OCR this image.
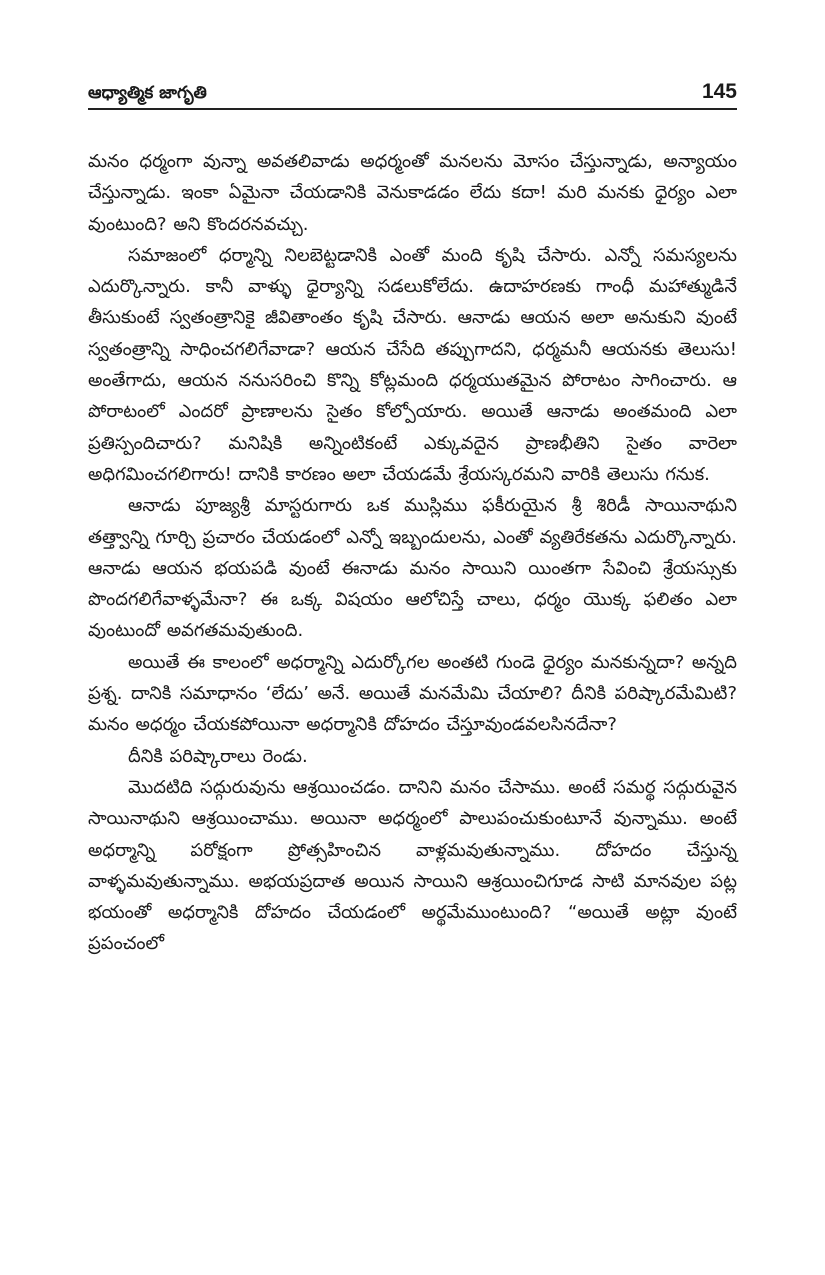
ఆధ్యాత్మిక జాగృతి	145

మనం ధర్మంగా వున్నా అవతలివాడు అధర్మంతో మనలను మోసం చేస్తున్నాడు, అన్యాయం చేస్తున్నాడు. ఇంకా ఏమైనా చేయడానికి వెనుకాడడం లేదు కదా! మరి మనకు ధైర్యం ఎలా వుంటుంది? అని కొందరనవచ్చు.

సమాజంలో ధర్మాన్ని నిలబెట్టడానికి ఎంతో మంది కృషి చేసారు. ఎన్నో సమస్యలను ఎదుర్కొన్నారు. కానీ వాళ్ళు ధైర్యాన్ని సడలుకోలేదు. ఉదాహరణకు గాంధీ మహాత్ముడినే తీసుకుంటే స్వతంత్రానికై జీవితాంతం కృషి చేసారు. ఆనాడు ఆయన అలా అనుకుని వుంటే స్వతంత్రాన్ని సాధించగలిగేవాడా? ఆయన చేసేది తప్పుగాదని, ధర్మమనీ ఆయనకు తెలుసు! అంతేగాదు, ఆయన ననుసరించి కొన్ని కోట్లమంది ధర్మయుతమైన పోరాటం సాగించారు. ఆ పోరాటంలో ఎందరో ప్రాణాలను సైతం కోల్పోయారు. అయితే ఆనాడు అంతమంది ఎలా ప్రతిస్పందిచారు? మనిషికి అన్నింటికంటే ఎక్కువదైన ప్రాణభీతిని సైతం వారెలా అధిగమించగలిగారు! దానికి కారణం అలా చేయడమే శ్రేయస్కరమని వారికి తెలుసు గనుక.

ఆనాడు పూజ్యశ్రీ మాస్టరుగారు ఒక ముస్లిము ఫకీరుయైన శ్రీ శిరిడీ సాయినాథుని తత్త్వాన్ని గూర్చి ప్రచారం చేయడంలో ఎన్నో ఇబ్బందులను, ఎంతో వ్యతిరేకతను ఎదుర్కొన్నారు. ఆనాడు ఆయన భయపడి వుంటే ఈనాడు మనం సాయిని యింతగా సేవించి శ్రేయస్సుకు పొందగలిగేవాళ్ళమేనా? ఈ ఒక్క విషయం ఆలోచిస్తే చాలు, ధర్మం యొక్క ఫలితం ఎలా వుంటుందో అవగతమవుతుంది.

అయితే ఈ కాలంలో అధర్మాన్ని ఎదుర్కోగల అంతటి గుండె ధైర్యం మనకున్నదా? అన్నది ప్రశ్న. దానికి సమాధానం ‘లేదు’ అనే. అయితే మనమేమి చేయాలి? దీనికి పరిష్కారమేమిటి? మనం అధర్మం చేయకపోయినా అధర్మానికి దోహదం చేస్తూవుండవలసినదేనా?

దీనికి పరిష్కారాలు రెండు.

మొదటిది సద్గురువును ఆశ్రయించడం. దానిని మనం చేసాము. అంటే సమర్థ సద్గురువైన సాయినాథుని ఆశ్రయించాము. అయినా అధర్మంలో పాలుపంచుకుంటూనే వున్నాము. అంటే అధర్మాన్ని పరోక్షంగా ప్రోత్సహించిన వాళ్లమవుతున్నాము. దోహదం చేస్తున్న వాళ్ళమవుతున్నాము. అభయప్రదాత అయిన సాయిని ఆశ్రయించిగూడ సాటి మానవుల పట్ల భయంతో అధర్మానికి దోహదం చేయడంలో అర్థమేముంటుంది? “అయితే అట్లా వుంటే ప్రపంచంలో
